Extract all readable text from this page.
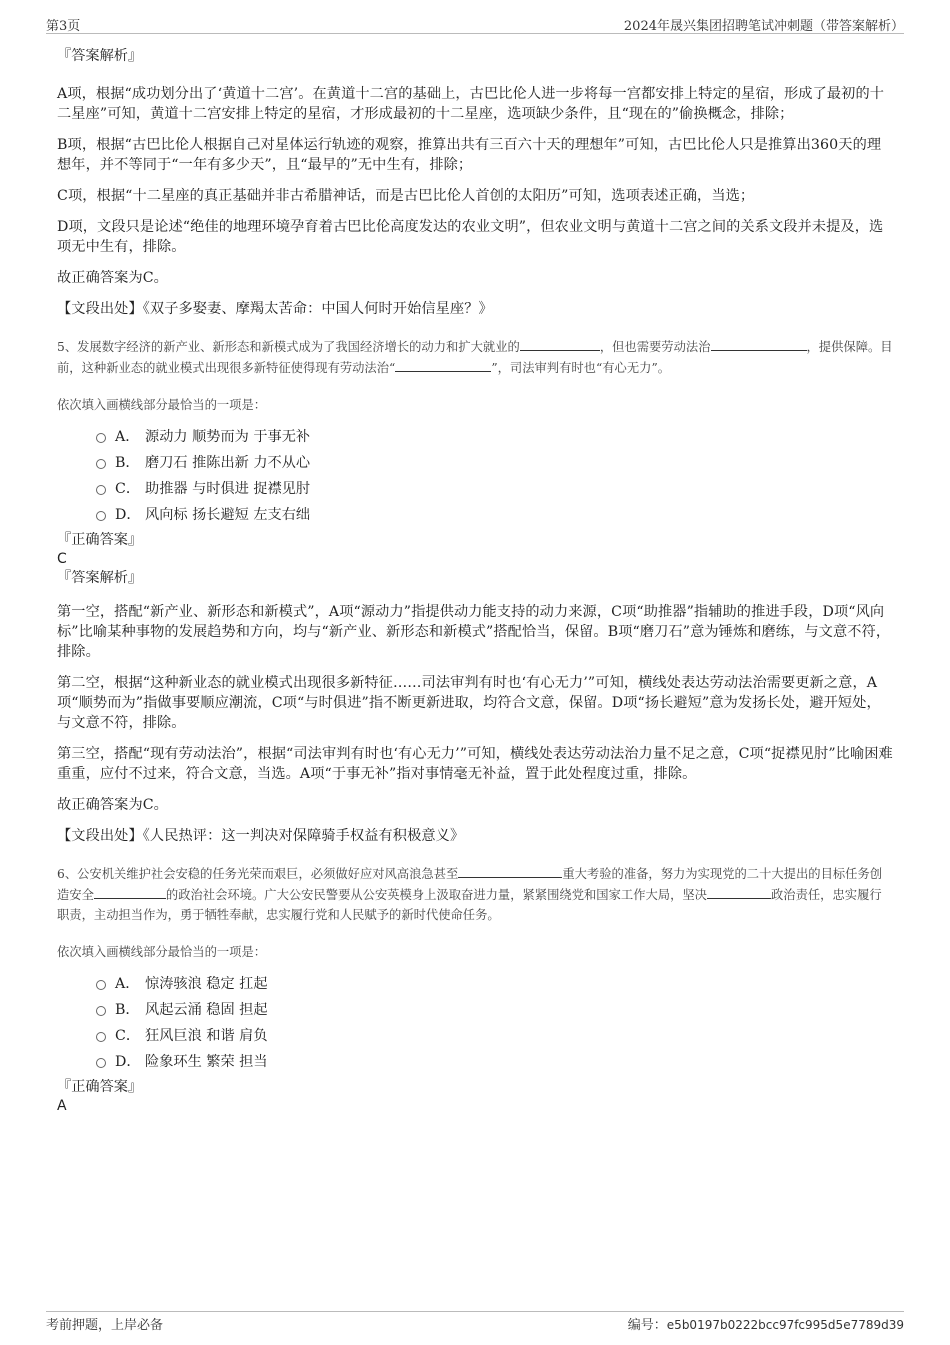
第3页	2024年晟兴集团招聘笔试冲刺题（带答案解析）
『答案解析』

A项，根据“成功划分出了‘黄道十二宫’。在黄道十二宫的基础上，古巴比伦人进一步将每一宫都安排上特定的星宿，形成了最初的十二星座”可知，黄道十二宫安排上特定的星宿，才形成最初的十二星座，选项缺少条件，且“现在的”偷换概念，排除；

B项，根据“古巴比伦人根据自己对星体运行轨迹的观察，推算出共有三百六十天的理想年”可知，古巴比伦人只是推算出360天的理想年，并不等同于“一年有多少天”，且“最早的”无中生有，排除；

C项，根据“十二星座的真正基础并非古希腊神话，而是古巴比伦人首创的太阳历”可知，选项表述正确，当选；

D项，文段只是论述“绝佳的地理环境孕育着古巴比伦高度发达的农业文明”，但农业文明与黄道十二宫之间的关系文段并未提及，选项无中生有，排除。

故正确答案为C。

【文段出处】《双子多娶妻、摩羯太苦命：中国人何时开始信星座？》

5、发展数字经济的新产业、新形态和新模式成为了我国经济增长的动力和扩大就业的	，但也需要劳动法治	，提供保障。目前，这种新业态的就业模式出现很多新特征使得现有劳动法治“	”，司法审判有时也“有心无力”。

依次填入画横线部分最恰当的一项是：

A． 源动力 顺势而为 于事无补
B． 磨刀石 推陈出新 力不从心
C． 助推器 与时俱进 捉襟见肘
D． 风向标 扬长避短 左支右绌
『正确答案』

C

『答案解析』

第一空，搭配“新产业、新形态和新模式”，A项“源动力”指提供动力能支持的动力来源，C项“助推器”指辅助的推进手段，D项“风向标”比喻某种事物的发展趋势和方向，均与“新产业、新形态和新模式”搭配恰当，保留。B项“磨刀石”意为锤炼和磨练，与文意不符，排除。

第二空，根据“这种新业态的就业模式出现很多新特征……司法审判有时也‘有心无力’”可知，横线处表达劳动法治需要更新之意，A项“顺势而为”指做事要顺应潮流，C项“与时俱进”指不断更新进取，均符合文意，保留。D项“扬长避短”意为发扬长处，避开短处，与文意不符，排除。

第三空，搭配“现有劳动法治”，根据“司法审判有时也‘有心无力’”可知，横线处表达劳动法治力量不足之意，C项“捉襟见肘”比喻困难重重，应付不过来，符合文意，当选。A项“于事无补”指对事情毫无补益，置于此处程度过重，排除。

故正确答案为C。

【文段出处】《人民热评：这一判决对保障骑手权益有积极意义》

6、公安机关维护社会安稳的任务光荣而艰巨，必须做好应对风高浪急甚至	重大考验的准备，努力为实现党的二十大提出的目标任务创造安全	的政治社会环境。广大公安民警要从公安英模身上汲取奋进力量，紧紧围绕党和国家工作大局，坚决	政治责任，忠实履行职责，主动担当作为，勇于牺牲奉献，忠实履行党和人民赋予的新时代使命任务。

依次填入画横线部分最恰当的一项是：

A． 惊涛骇浪 稳定 扛起
B． 风起云涌 稳固 担起
C． 狂风巨浪 和谐 肩负
D． 险象环生 繁荣 担当
『正确答案』

A

考前押题，上岸必备	编号：e5b0197b0222bcc97fc995d5e7789d39
